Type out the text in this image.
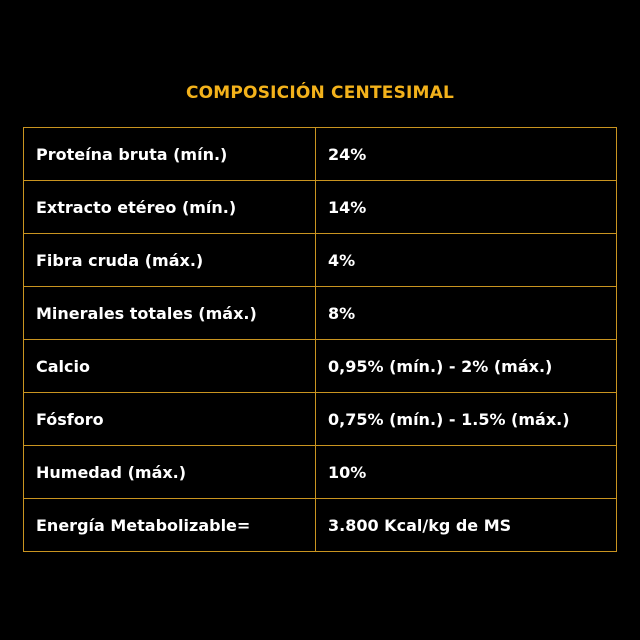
COMPOSICIÓN CENTESIMAL
Proteína bruta (mín.)	24%
Extracto etéreo (mín.)	14%
Fibra cruda (máx.)	4%
Minerales totales (máx.)	8%
Calcio	0,95% (mín.) - 2% (máx.)
Fósforo	0,75% (mín.) - 1.5% (máx.)
Humedad (máx.)	10%
Energía Metabolizable=	3.800 Kcal/kg de MS
